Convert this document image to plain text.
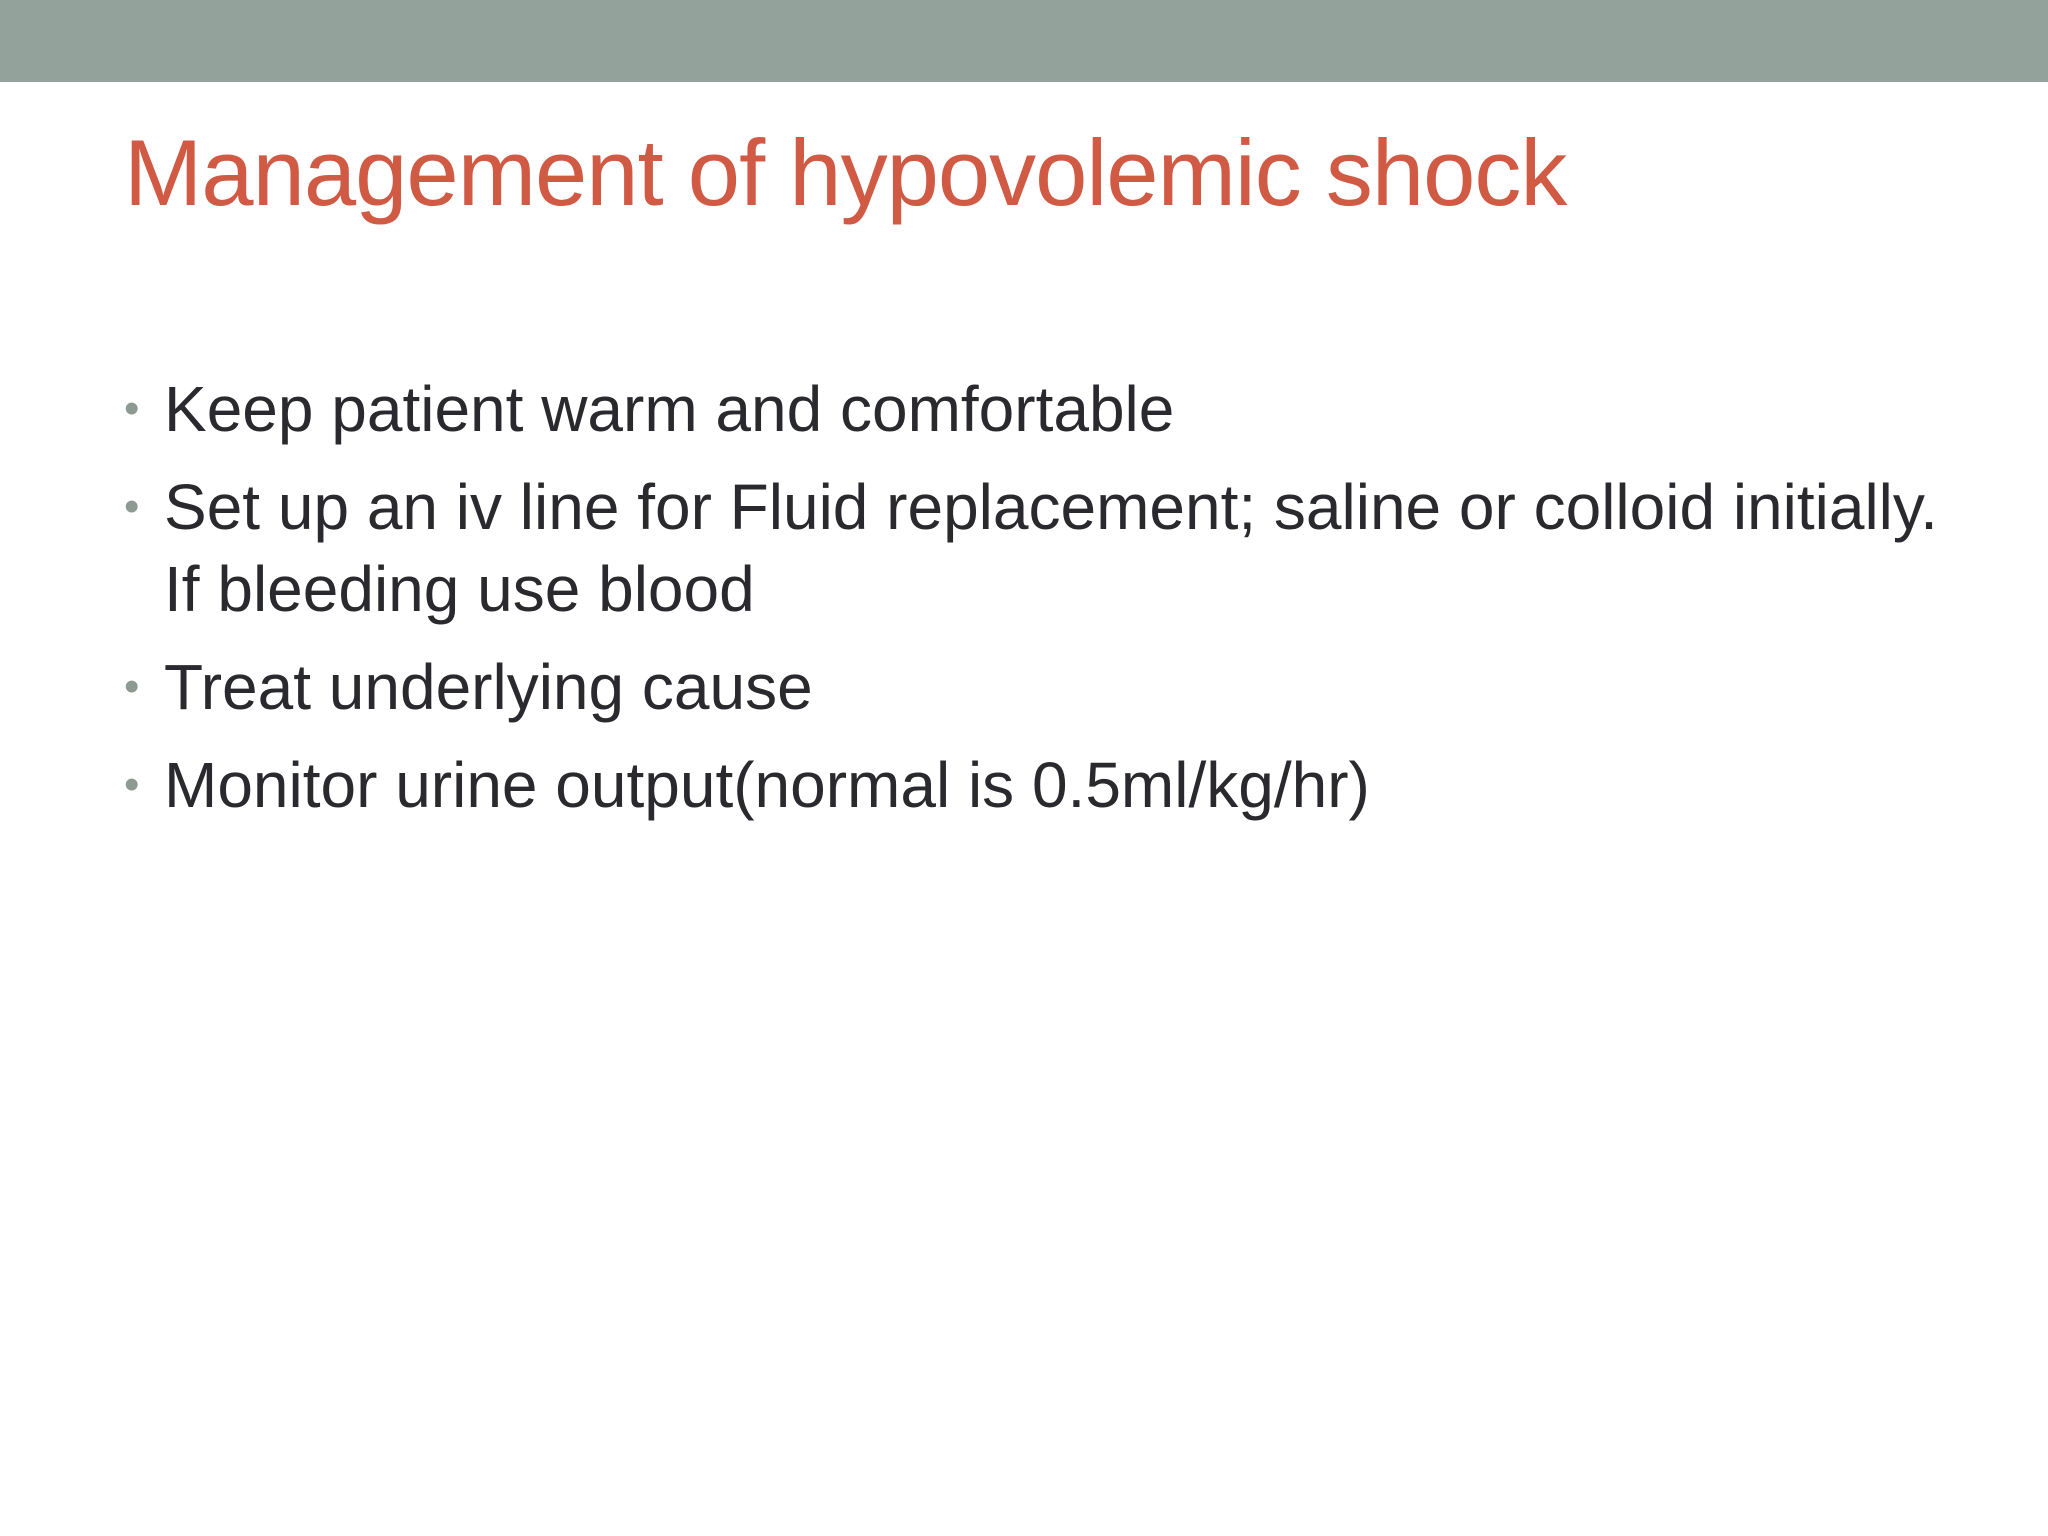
Management of hypovolemic shock
• Keep patient warm and comfortable
• Set up an iv line for Fluid replacement; saline or colloid initially. If bleeding use blood
• Treat underlying cause
• Monitor urine output(normal is 0.5ml/kg/hr)
